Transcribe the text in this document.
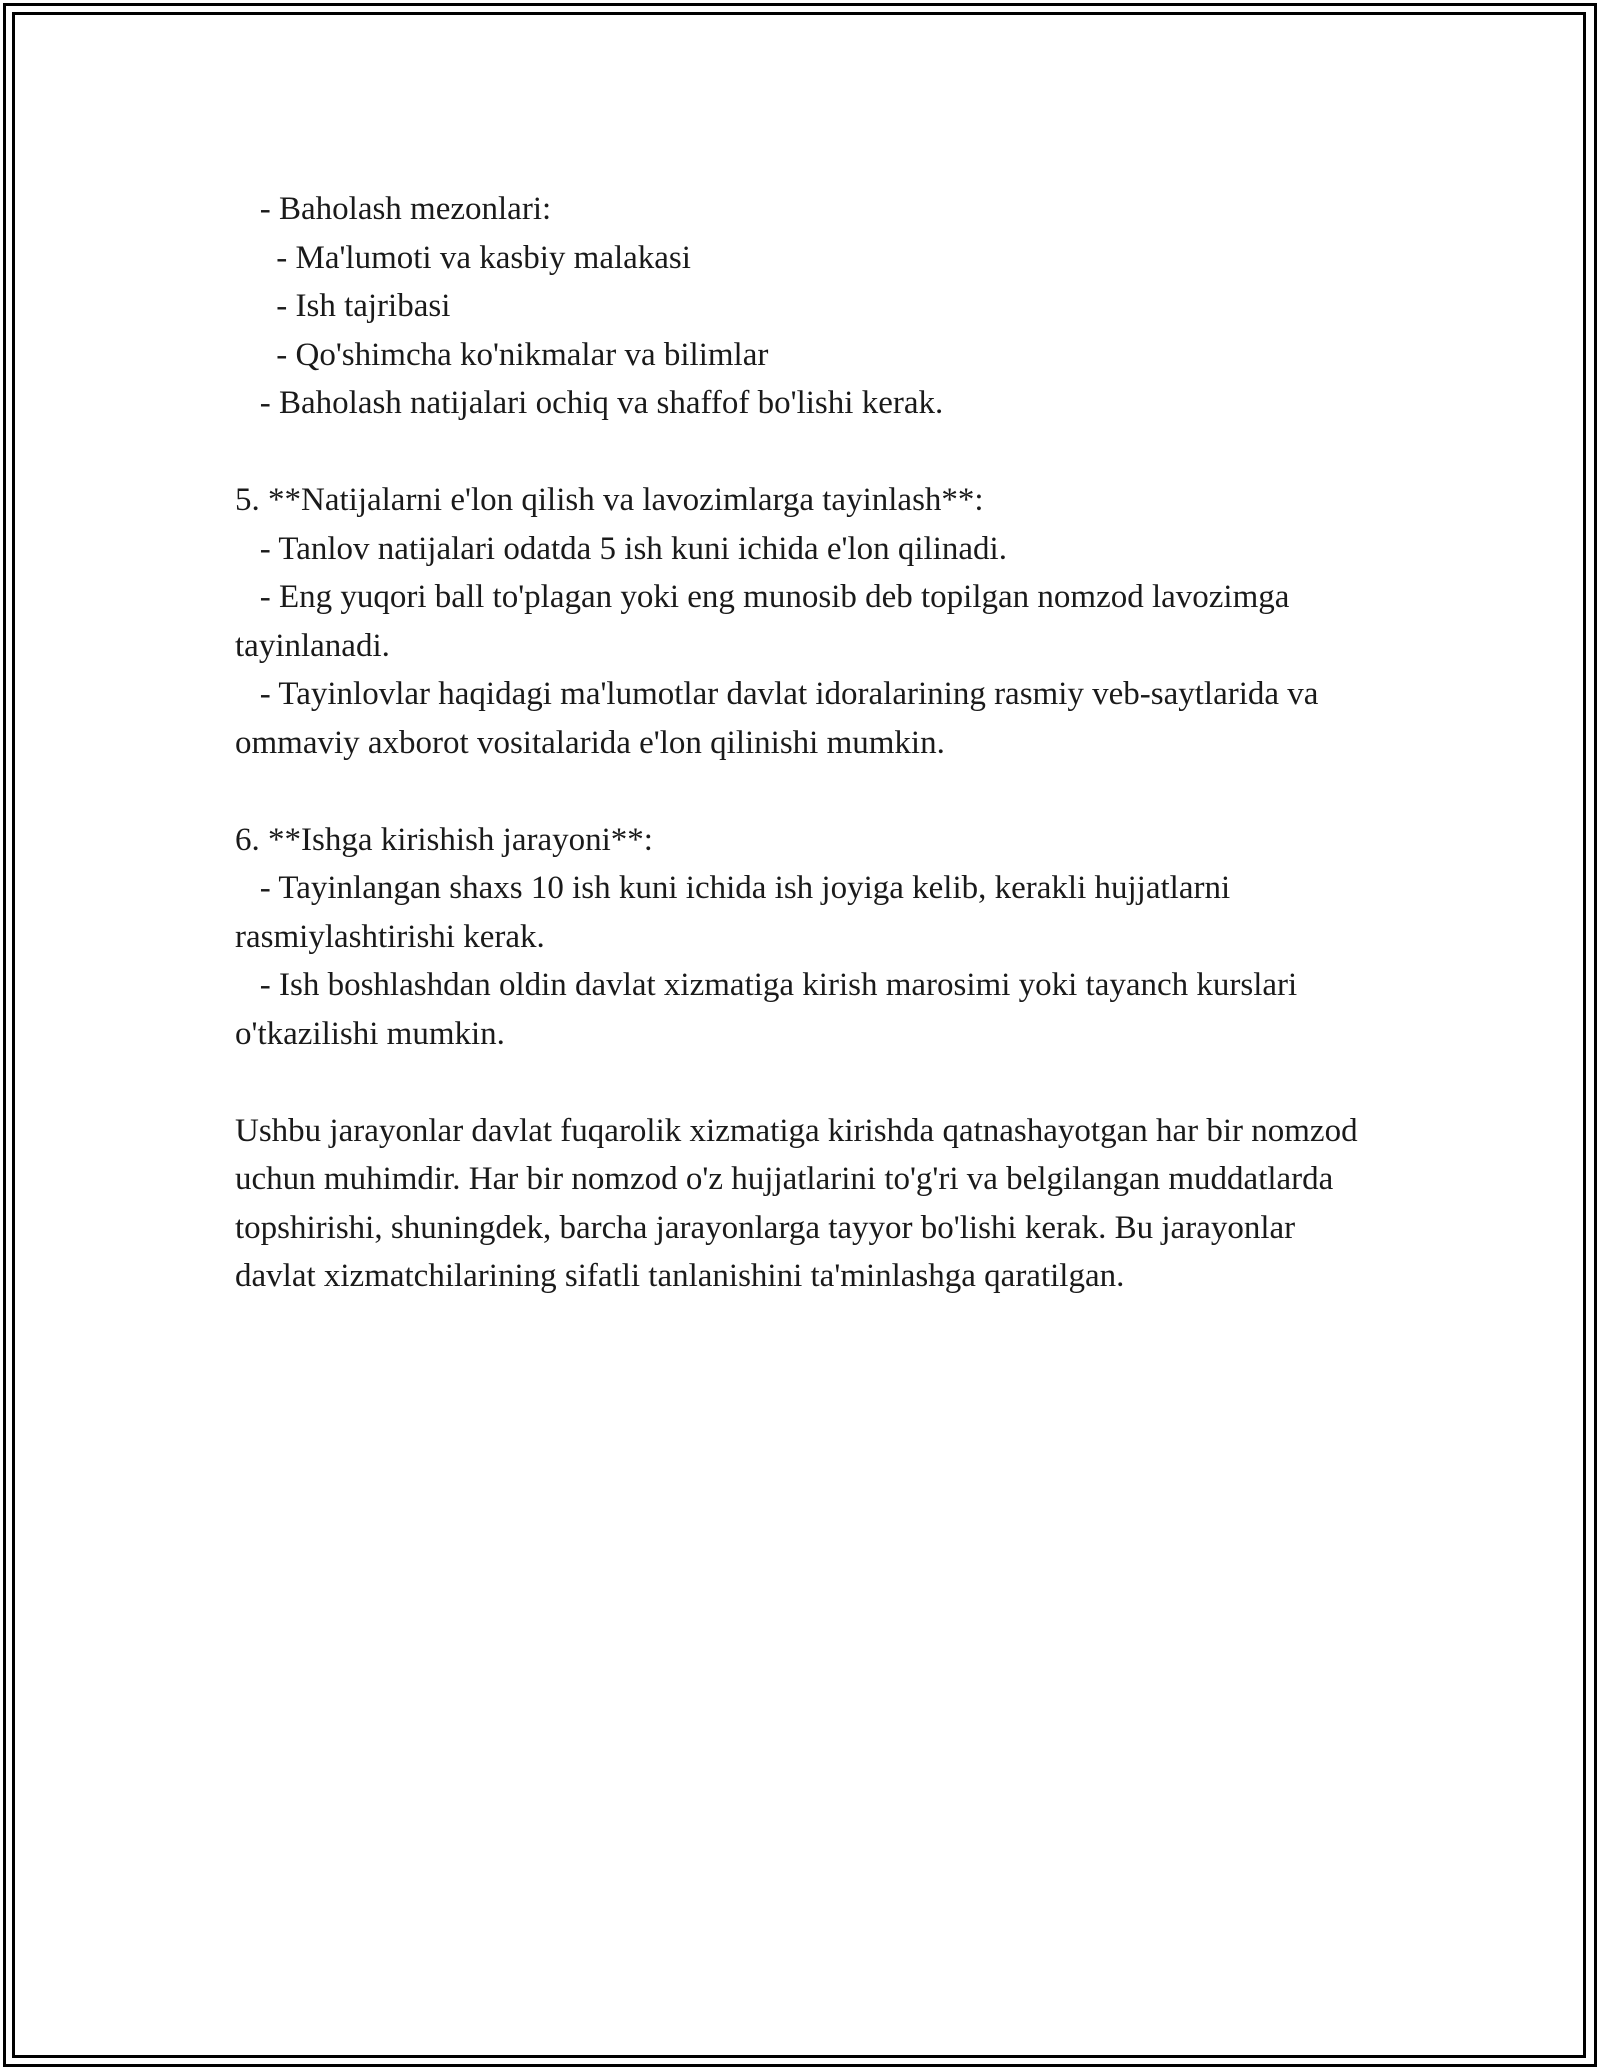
- Baholash mezonlari:

- Ma'lumoti va kasbiy malakasi

- Ish tajribasi

- Qo'shimcha ko'nikmalar va bilimlar

- Baholash natijalari ochiq va shaffof bo'lishi kerak.

5. **Natijalarni e'lon qilish va lavozimlarga tayinlash**:

- Tanlov natijalari odatda 5 ish kuni ichida e'lon qilinadi.

- Eng yuqori ball to'plagan yoki eng munosib deb topilgan nomzod lavozimga tayinlanadi.

- Tayinlovlar haqidagi ma'lumotlar davlat idoralarining rasmiy veb-saytlarida va ommaviy axborot vositalarida e'lon qilinishi mumkin.

6. **Ishga kirishish jarayoni**:

- Tayinlangan shaxs 10 ish kuni ichida ish joyiga kelib, kerakli hujjatlarni rasmiylashtirishi kerak.

- Ish boshlashdan oldin davlat xizmatiga kirish marosimi yoki tayanch kurslari o'tkazilishi mumkin.

Ushbu jarayonlar davlat fuqarolik xizmatiga kirishda qatnashayotgan har bir nomzod uchun muhimdir. Har bir nomzod o'z hujjatlarini to'g'ri va belgilangan muddatlarda topshirishi, shuningdek, barcha jarayonlarga tayyor bo'lishi kerak. Bu jarayonlar davlat xizmatchilarining sifatli tanlanishini ta'minlashga qaratilgan.
